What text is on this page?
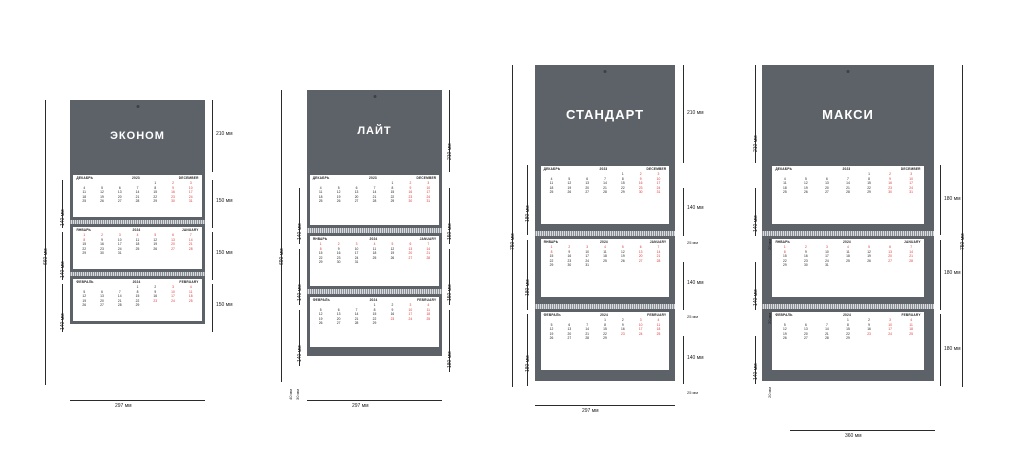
ЭКОНОМ
ДЕКАБРЬ	2023	DECEMBER
				1	2	3
4	5	6	7	8	9	10
11	12	13	14	15	16	17
18	19	20	21	22	23	24
25	26	27	28	29	30	31
ЯНВАРЬ	2024	JANUARY
1	2	3	4	5	6	7
8	9	10	11	12	13	14
15	16	17	18	19	20	21
22	23	24	25	26	27	28
29	30	31				
ФЕВРАЛЬ	2024	FEBRUARY
			1	2	3	4
5	6	7	8	9	10	11
12	13	14	15	16	17	18
19	20	21	22	23	24	25
26	27	28	29			
210 мм
150 мм
150 мм
150 мм
140 мм
140 мм
140 мм
660 мм
297 мм
ЛАЙТ
ДЕКАБРЬ	2023	DECEMBER
				1	2	3
4	5	6	7	8	9	10
11	12	13	14	15	16	17
18	19	20	21	22	23	24
25	26	27	28	29	30	31
ЯНВАРЬ	2024	JANUARY
1	2	3	4	5	6	7
8	9	10	11	12	13	14
15	16	17	18	19	20	21
22	23	24	25	26	27	28
29	30	31				
ФЕВРАЛЬ	2024	FEBRUARY
			1	2	3	4
5	6	7	8	9	10	11
12	13	14	15	16	17	18
19	20	21	22	23	24	25
26	27	28	29			
210 мм
150 мм
150 мм
180 мм
140 мм
140 мм
140 мм
40 мм 30 мм
690 мм
297 мм
СТАНДАРТ
ДЕКАБРЬ	2023	DECEMBER
				1	2	3
4	5	6	7	8	9	10
11	12	13	14	15	16	17
18	19	20	21	22	23	24
25	26	27	28	29	30	31
ЯНВАРЬ	2024	JANUARY
1	2	3	4	5	6	7
8	9	10	11	12	13	14
15	16	17	18	19	20	21
22	23	24	25	26	27	28
29	30	31				
ФЕВРАЛЬ	2024	FEBRUARY
			1	2	3	4
5	6	7	8	9	10	11
12	13	14	15	16	17	18
19	20	21	22	23	24	25
26	27	28	29			
210 мм
140 мм
140 мм
140 мм
25 мм
25 мм
25 мм
180 мм
180 мм
180 мм
750 мм
297 мм
МАКСИ
ДЕКАБРЬ	2023	DECEMBER
				1	2	3
4	5	6	7	8	9	10
11	12	13	14	15	16	17
18	19	20	21	22	23	24
25	26	27	28	29	30	31
ЯНВАРЬ	2024	JANUARY
1	2	3	4	5	6	7
8	9	10	11	12	13	14
15	16	17	18	19	20	21
22	23	24	25	26	27	28
29	30	31				
ФЕВРАЛЬ	2024	FEBRUARY
			1	2	3	4
5	6	7	8	9	10	11
12	13	14	15	16	17	18
19	20	21	22	23	24	25
26	27	28	29			
210 мм
140 мм
140 мм
140 мм
20 мм
20 мм
20 мм
180 мм
180 мм
180 мм
750 мм
360 мм
